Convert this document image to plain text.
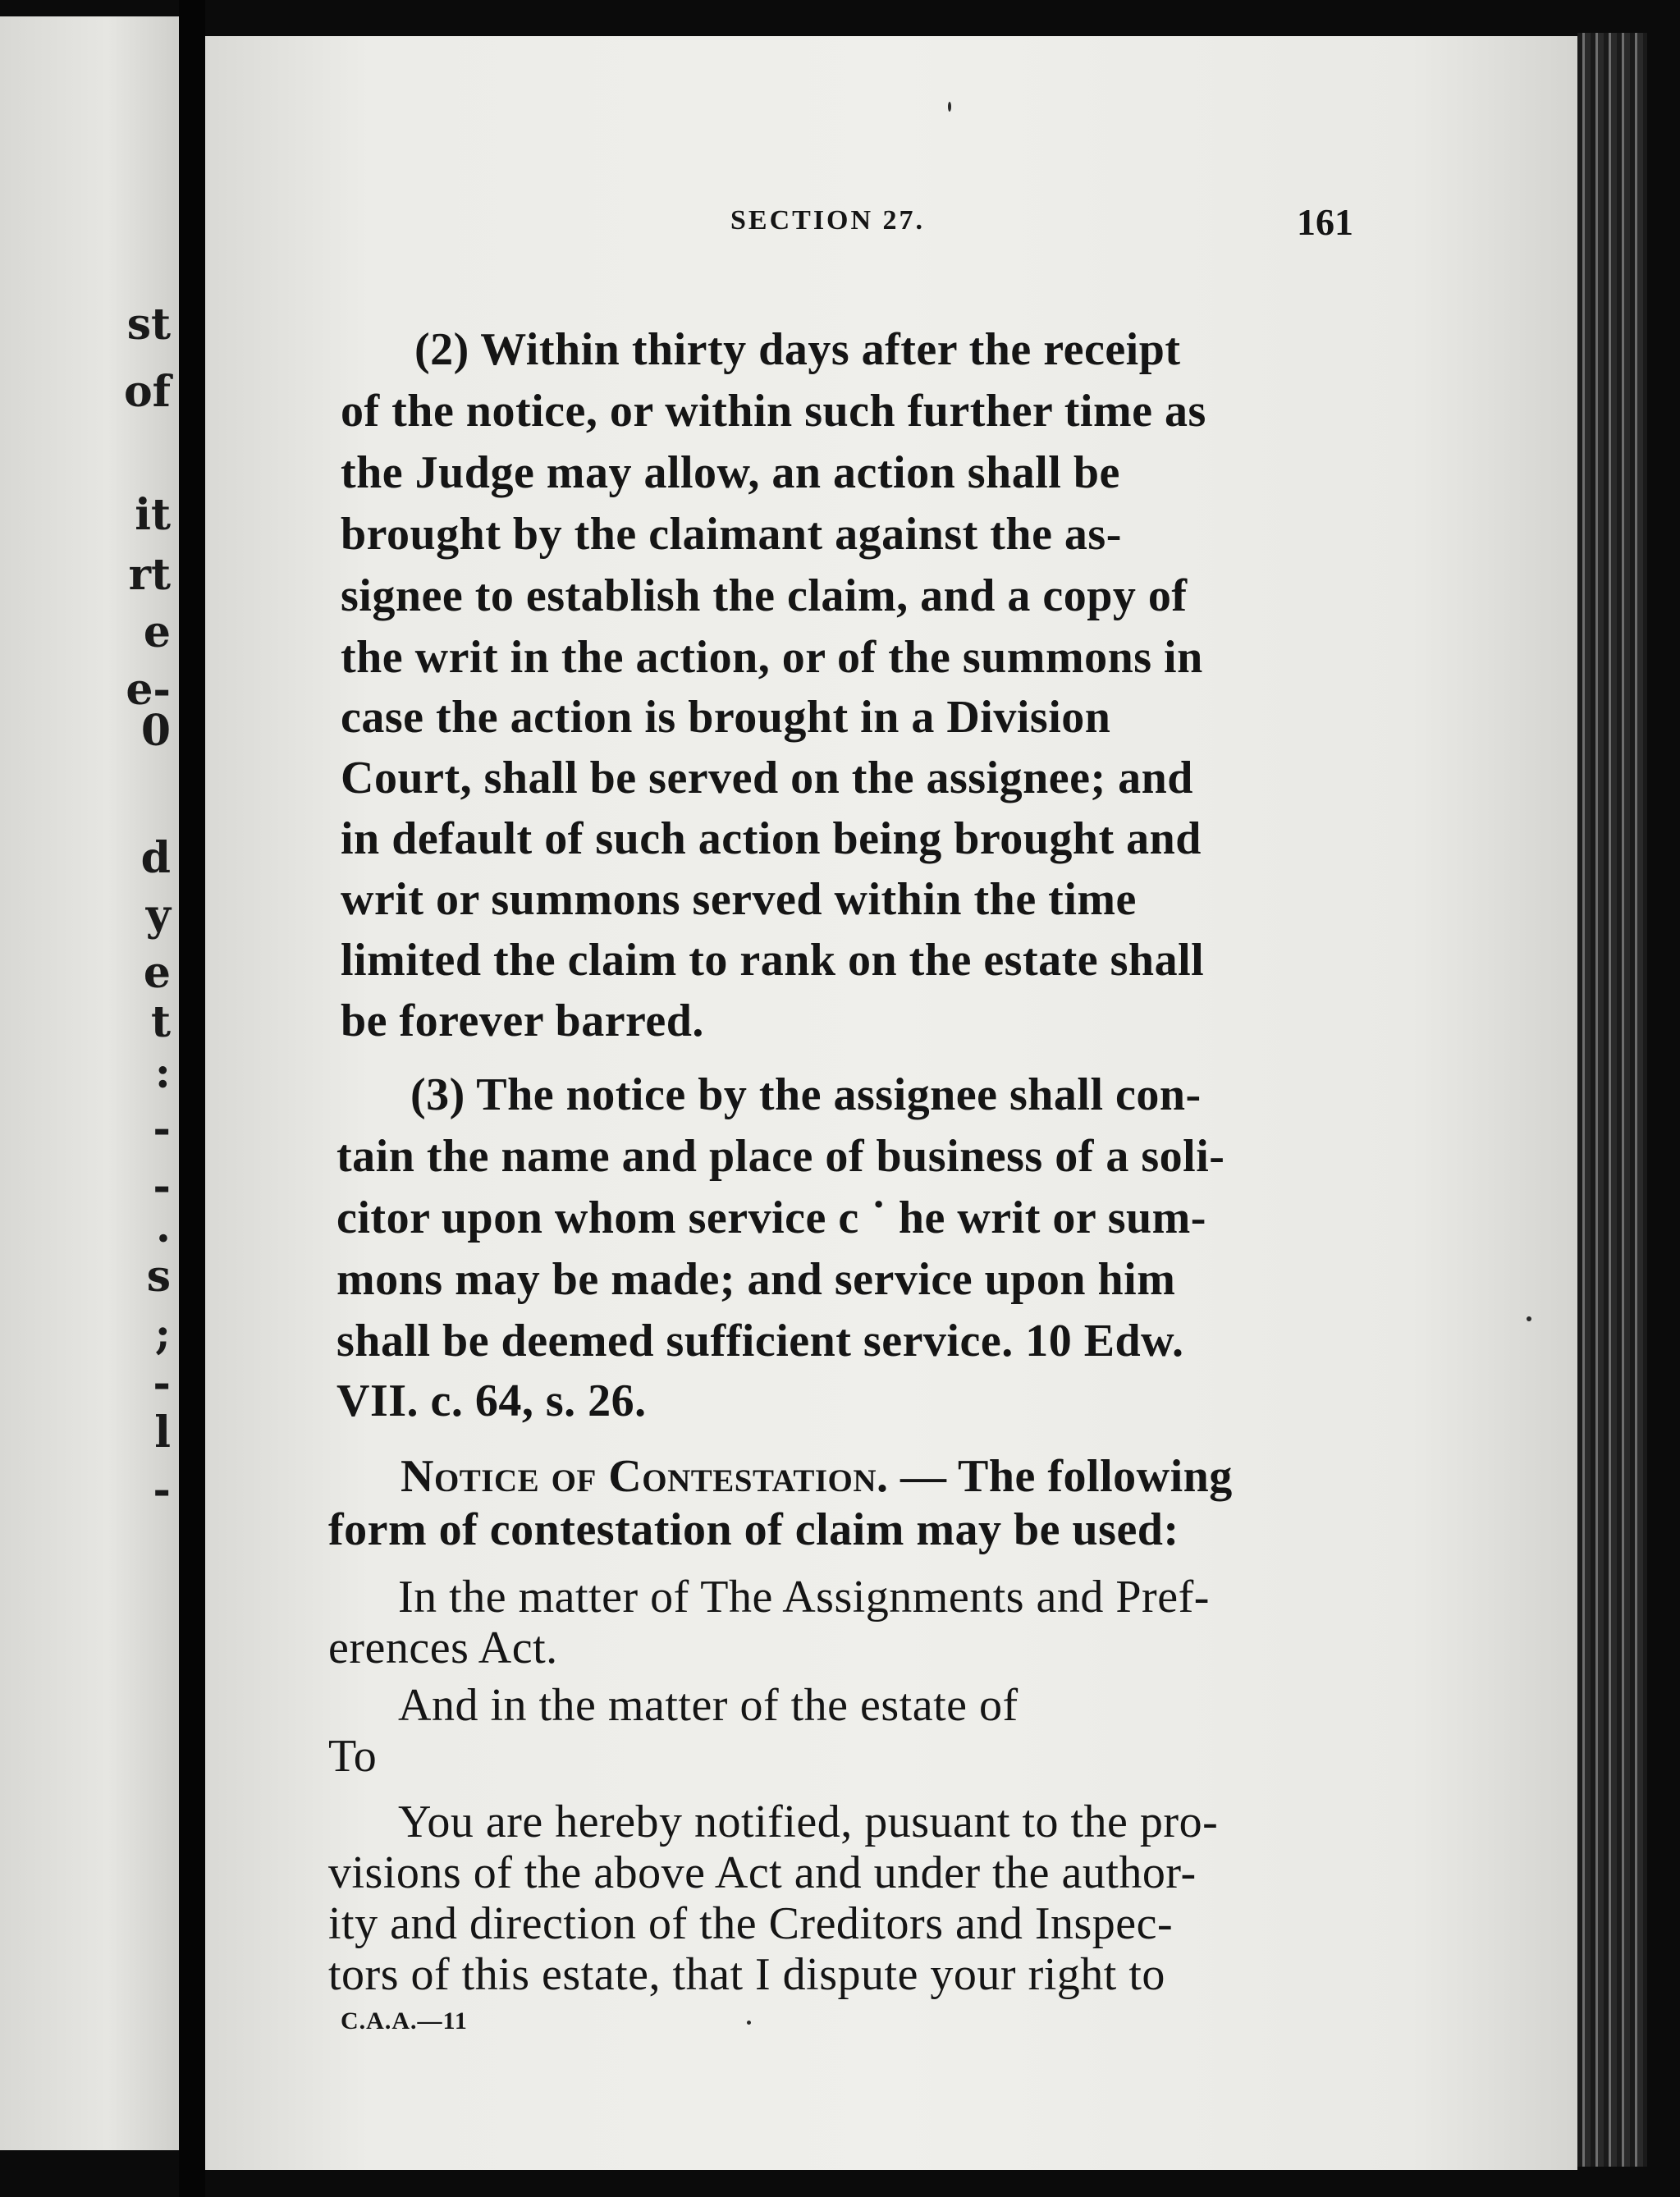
st
of
it
rt
e
e-
0
d
y
e
t
:
-
-
.
s
;
-
l
-
SECTION 27.	161
(2) Within thirty days after the receipt
of the notice, or within such further time as
the Judge may allow, an action shall be
brought by the claimant against the as-
signee to establish the claim, and a copy of
the writ in the action, or of the summons in
case the action is brought in a Division
Court, shall be served on the assignee; and
in default of such action being brought and
writ or summons served within the time
limited the claim to rank on the estate shall
be forever barred.
(3) The notice by the assignee shall con-
tain the name and place of business of a soli-
citor upon whom service c ˙ he writ or sum-
mons may be made; and service upon him
shall be deemed sufficient service. 10 Edw.
VII. c. 64, s. 26.
Notice of Contestation. — The following
form of contestation of claim may be used:
In the matter of The Assignments and Pref-
erences Act.
And in the matter of the estate of
To
You are hereby notified, pusuant to the pro-
visions of the above Act and under the author-
ity and direction of the Creditors and Inspec-
tors of this estate, that I dispute your right to
C.A.A.—11
